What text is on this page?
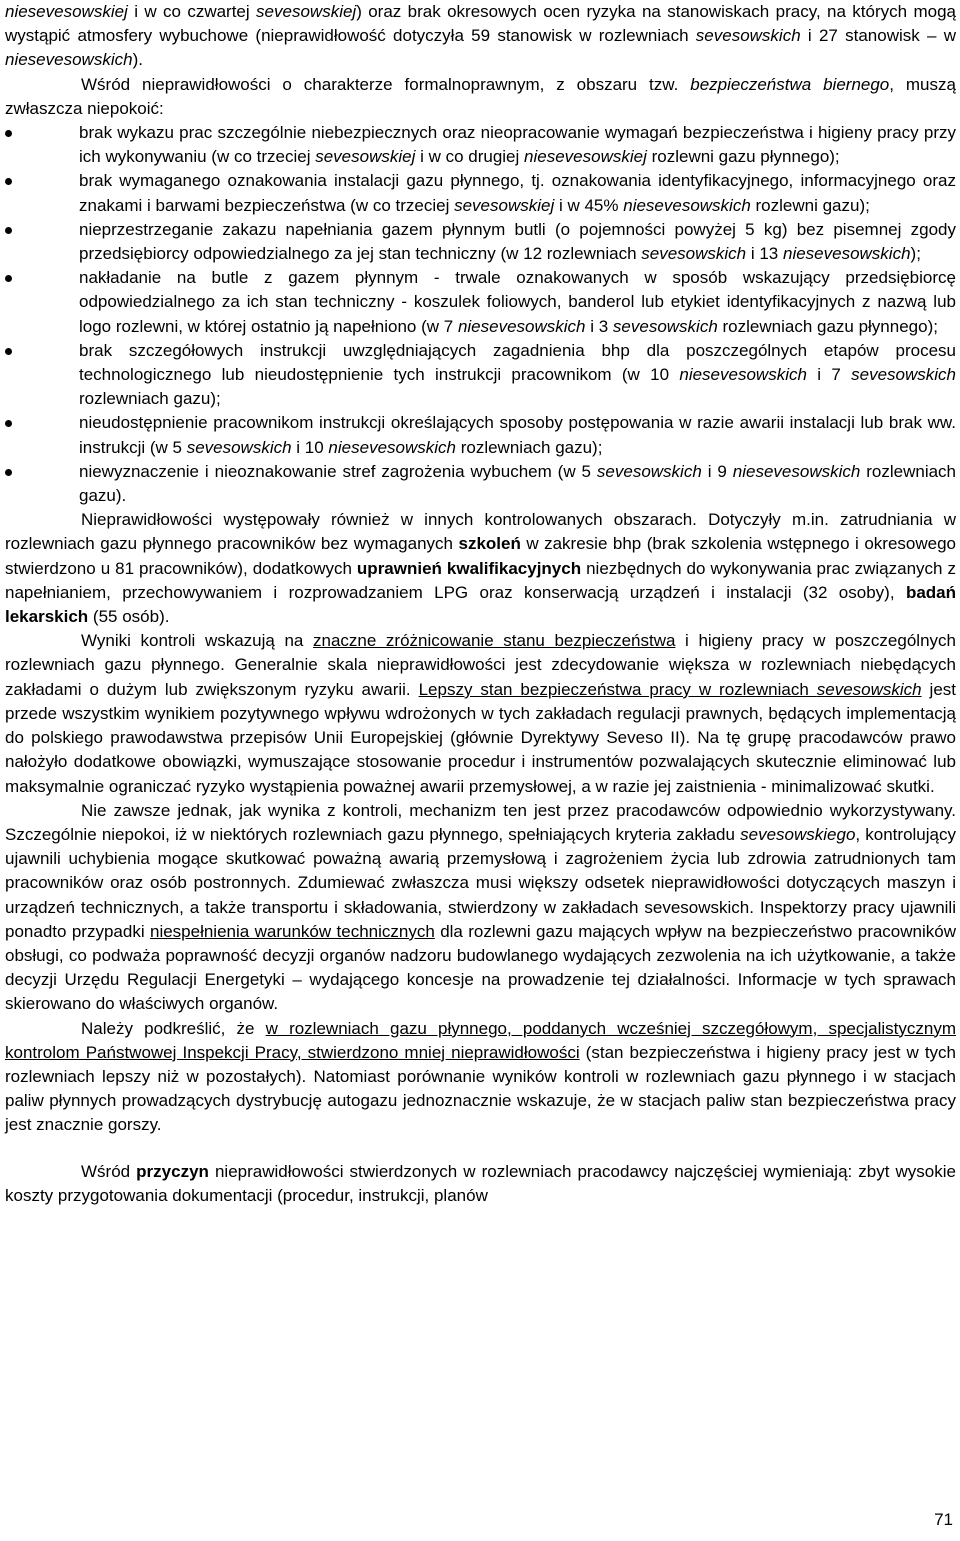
niesevesowskiej i w co czwartej sevesowskiej) oraz brak okresowych ocen ryzyka na stanowiskach pracy, na których mogą wystąpić atmosfery wybuchowe (nieprawidłowość dotyczyła 59 stanowisk w rozlewniach sevesowskich i 27 stanowisk – w niesevesowskich).

Wśród nieprawidłowości o charakterze formalnoprawnym, z obszaru tzw. bezpieczeństwa biernego, muszą zwłaszcza niepokoić:

brak wykazu prac szczególnie niebezpiecznych oraz nieopracowanie wymagań bezpieczeństwa i higieny pracy przy ich wykonywaniu (w co trzeciej sevesowskiej i w co drugiej niesevesowskiej rozlewni gazu płynnego);
brak wymaganego oznakowania instalacji gazu płynnego, tj. oznakowania identyfikacyjnego, informacyjnego oraz znakami i barwami bezpieczeństwa (w co trzeciej sevesowskiej i w 45% niesevesowskich rozlewni gazu);
nieprzestrzeganie zakazu napełniania gazem płynnym butli (o pojemności powyżej 5 kg) bez pisemnej zgody przedsiębiorcy odpowiedzialnego za jej stan techniczny (w 12 rozlewniach sevesowskich i 13 niesevesowskich);
nakładanie na butle z gazem płynnym - trwale oznakowanych w sposób wskazujący przedsiębiorcę odpowiedzialnego za ich stan techniczny - koszulek foliowych, banderol lub etykiet identyfikacyjnych z nazwą lub logo rozlewni, w której ostatnio ją napełniono (w 7 niesevesowskich i 3 sevesowskich rozlewniach gazu płynnego);
brak szczegółowych instrukcji uwzględniających zagadnienia bhp dla poszczególnych etapów procesu technologicznego lub nieudostępnienie tych instrukcji pracownikom (w 10 niesevesowskich i 7 sevesowskich rozlewniach gazu);
nieudostępnienie pracownikom instrukcji określających sposoby postępowania w razie awarii instalacji lub brak ww. instrukcji (w 5 sevesowskich i 10 niesevesowskich rozlewniach gazu);
niewyznaczenie i nieoznakowanie stref zagrożenia wybuchem (w 5 sevesowskich i 9 niesevesowskich rozlewniach gazu).

Nieprawidłowości występowały również w innych kontrolowanych obszarach. Dotyczyły m.in. zatrudniania w rozlewniach gazu płynnego pracowników bez wymaganych szkoleń w zakresie bhp (brak szkolenia wstępnego i okresowego stwierdzono u 81 pracowników), dodatkowych uprawnień kwalifikacyjnych niezbędnych do wykonywania prac związanych z napełnianiem, przechowywaniem i rozprowadzaniem LPG oraz konserwacją urządzeń i instalacji (32 osoby), badań lekarskich (55 osób).

Wyniki kontroli wskazują na znaczne zróżnicowanie stanu bezpieczeństwa i higieny pracy w poszczególnych rozlewniach gazu płynnego. Generalnie skala nieprawidłowości jest zdecydowanie większa w rozlewniach niebędących zakładami o dużym lub zwiększonym ryzyku awarii. Lepszy stan bezpieczeństwa pracy w rozlewniach sevesowskich jest przede wszystkim wynikiem pozytywnego wpływu wdrożonych w tych zakładach regulacji prawnych, będących implementacją do polskiego prawodawstwa przepisów Unii Europejskiej (głównie Dyrektywy Seveso II). Na tę grupę pracodawców prawo nałożyło dodatkowe obowiązki, wymuszające stosowanie procedur i instrumentów pozwalających skutecznie eliminować lub maksymalnie ograniczać ryzyko wystąpienia poważnej awarii przemysłowej, a w razie jej zaistnienia - minimalizować skutki.

Nie zawsze jednak, jak wynika z kontroli, mechanizm ten jest przez pracodawców odpowiednio wykorzystywany. Szczególnie niepokoi, iż w niektórych rozlewniach gazu płynnego, spełniających kryteria zakładu sevesowskiego, kontrolujący ujawnili uchybienia mogące skutkować poważną awarią przemysłową i zagrożeniem życia lub zdrowia zatrudnionych tam pracowników oraz osób postronnych. Zdumiewać zwłaszcza musi większy odsetek nieprawidłowości dotyczących maszyn i urządzeń technicznych, a także transportu i składowania, stwierdzony w zakładach sevesowskich. Inspektorzy pracy ujawnili ponadto przypadki niespełnienia warunków technicznych dla rozlewni gazu mających wpływ na bezpieczeństwo pracowników obsługi, co podważa poprawność decyzji organów nadzoru budowlanego wydających zezwolenia na ich użytkowanie, a także decyzji Urzędu Regulacji Energetyki – wydającego koncesje na prowadzenie tej działalności. Informacje w tych sprawach skierowano do właściwych organów.

Należy podkreślić, że w rozlewniach gazu płynnego, poddanych wcześniej szczegółowym, specjalistycznym kontrolom Państwowej Inspekcji Pracy, stwierdzono mniej nieprawidłowości (stan bezpieczeństwa i higieny pracy jest w tych rozlewniach lepszy niż w pozostałych). Natomiast porównanie wyników kontroli w rozlewniach gazu płynnego i w stacjach paliw płynnych prowadzących dystrybucję autogazu jednoznacznie wskazuje, że w stacjach paliw stan bezpieczeństwa pracy jest znacznie gorszy.

Wśród przyczyn nieprawidłowości stwierdzonych w rozlewniach pracodawcy najczęściej wymieniają: zbyt wysokie koszty przygotowania dokumentacji (procedur, instrukcji, planów

71
